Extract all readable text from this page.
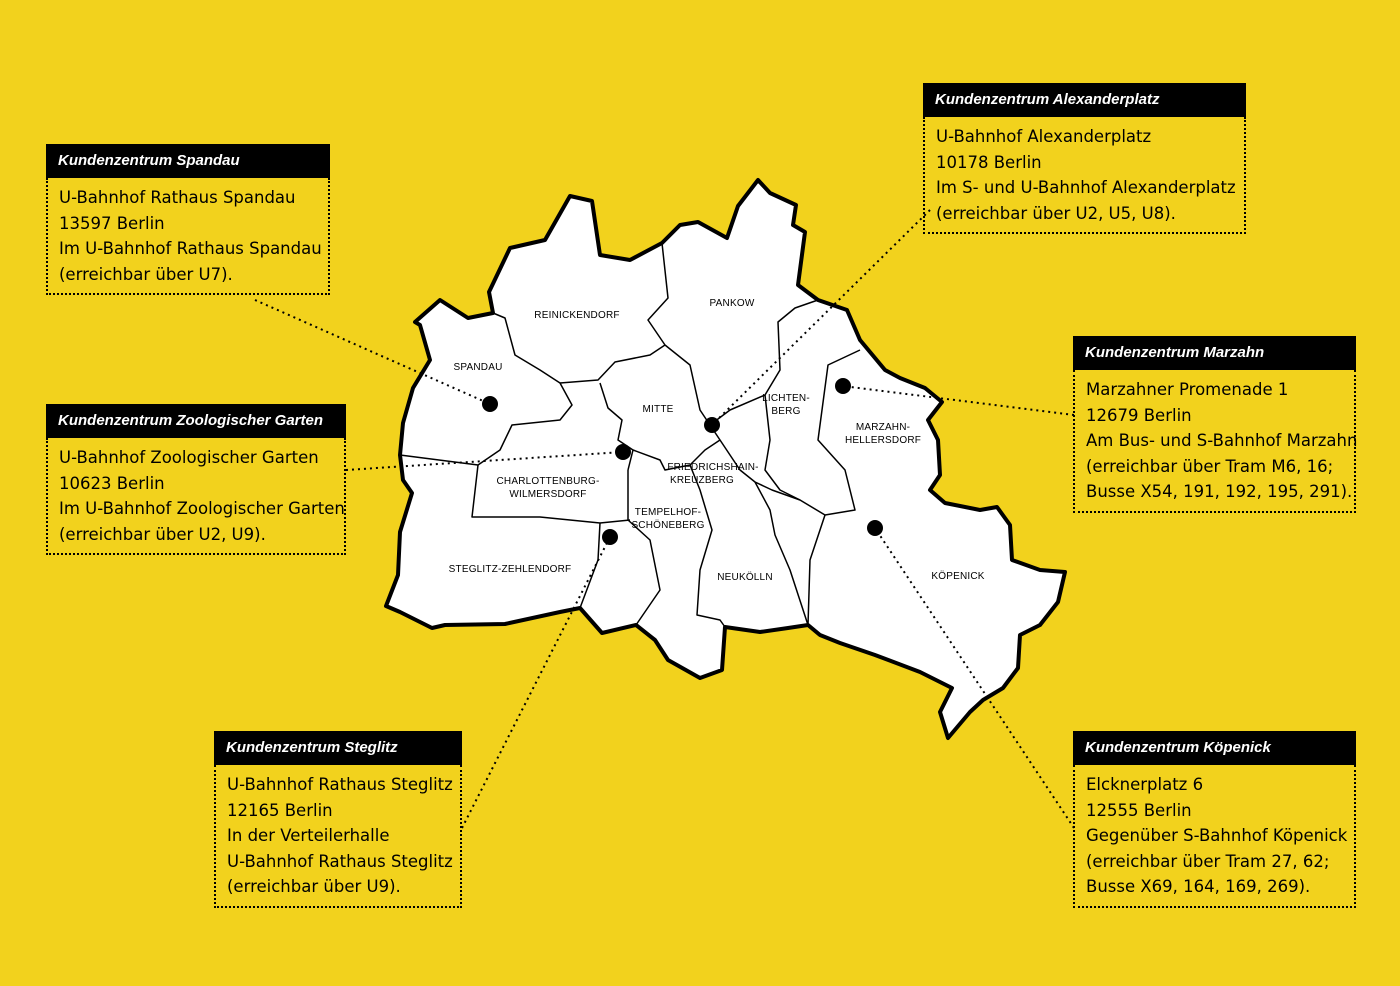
SPANDAU
REINICKENDORF
PANKOW
MITTE
LICHTEN-BERG
MARZAHN-HELLERSDORF
FRIEDRICHSHAIN-KREUZBERG
CHARLOTTENBURG-WILMERSDORF
TEMPELHOF-SCHÖNEBERG
STEGLITZ-ZEHLENDORF
NEUKÖLLN	KÖPENICK
Kundenzentrum Spandau
U-Bahnhof Rathaus Spandau
13597 Berlin
Im U-Bahnhof Rathaus Spandau
(erreichbar über U7).
Kundenzentrum Zoologischer Garten
U-Bahnhof Zoologischer Garten
10623 Berlin
Im U-Bahnhof Zoologischer Garten
(erreichbar über U2, U9).
Kundenzentrum Steglitz
U-Bahnhof Rathaus Steglitz
12165 Berlin
In der Verteilerhalle
U-Bahnhof Rathaus Steglitz
(erreichbar über U9).
Kundenzentrum Alexanderplatz
U-Bahnhof Alexanderplatz
10178 Berlin
Im S- und U-Bahnhof Alexanderplatz
(erreichbar über U2, U5, U8).
Kundenzentrum Marzahn
Marzahner Promenade 1
12679 Berlin
Am Bus- und S-Bahnhof Marzahn
(erreichbar über Tram M6, 16;
Busse X54, 191, 192, 195, 291).
Kundenzentrum Köpenick
Elcknerplatz 6
12555 Berlin
Gegenüber S-Bahnhof Köpenick
(erreichbar über Tram 27, 62;
Busse X69, 164, 169, 269).
